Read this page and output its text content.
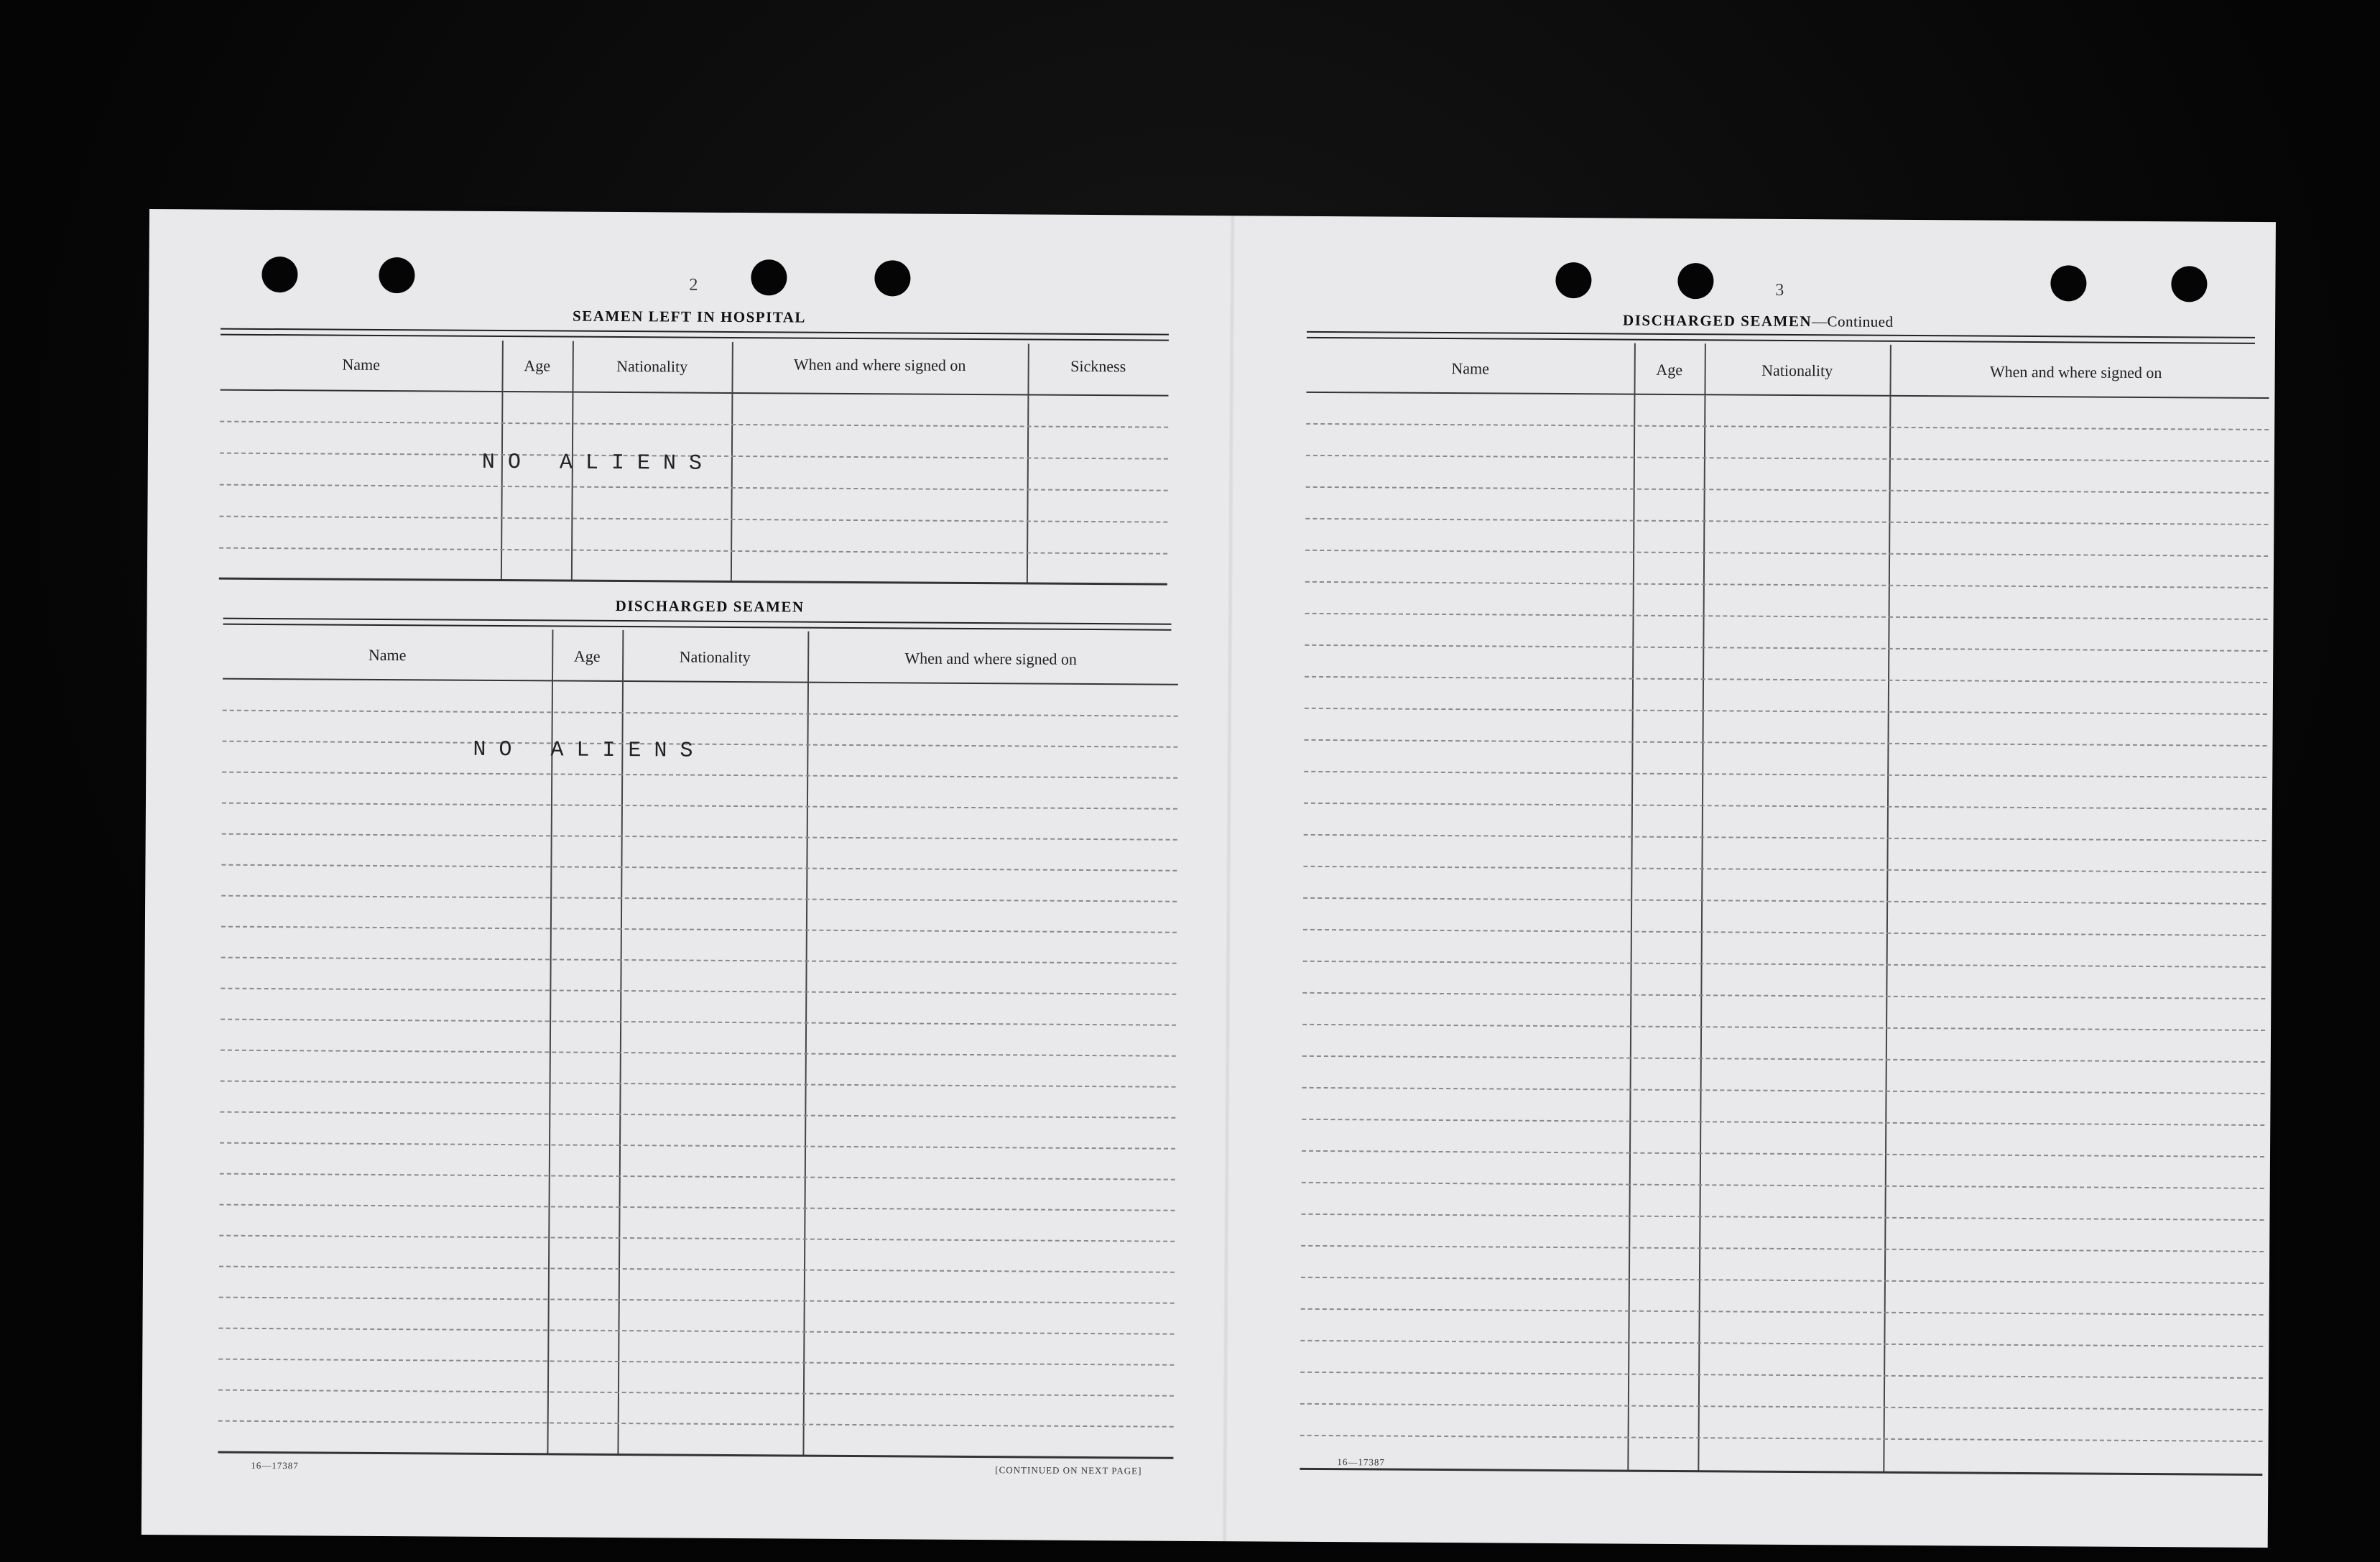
2
SEAMEN LEFT IN HOSPITAL
Name	Age	Nationality	When and where signed on	Sickness
NO ALIENS
DISCHARGED SEAMEN
Name	Age	Nationality	When and where signed on
NO ALIENS
16—17387	[CONTINUED ON NEXT PAGE]
3
DISCHARGED SEAMEN—Continued
Name	Age	Nationality	When and where signed on
16—17387
